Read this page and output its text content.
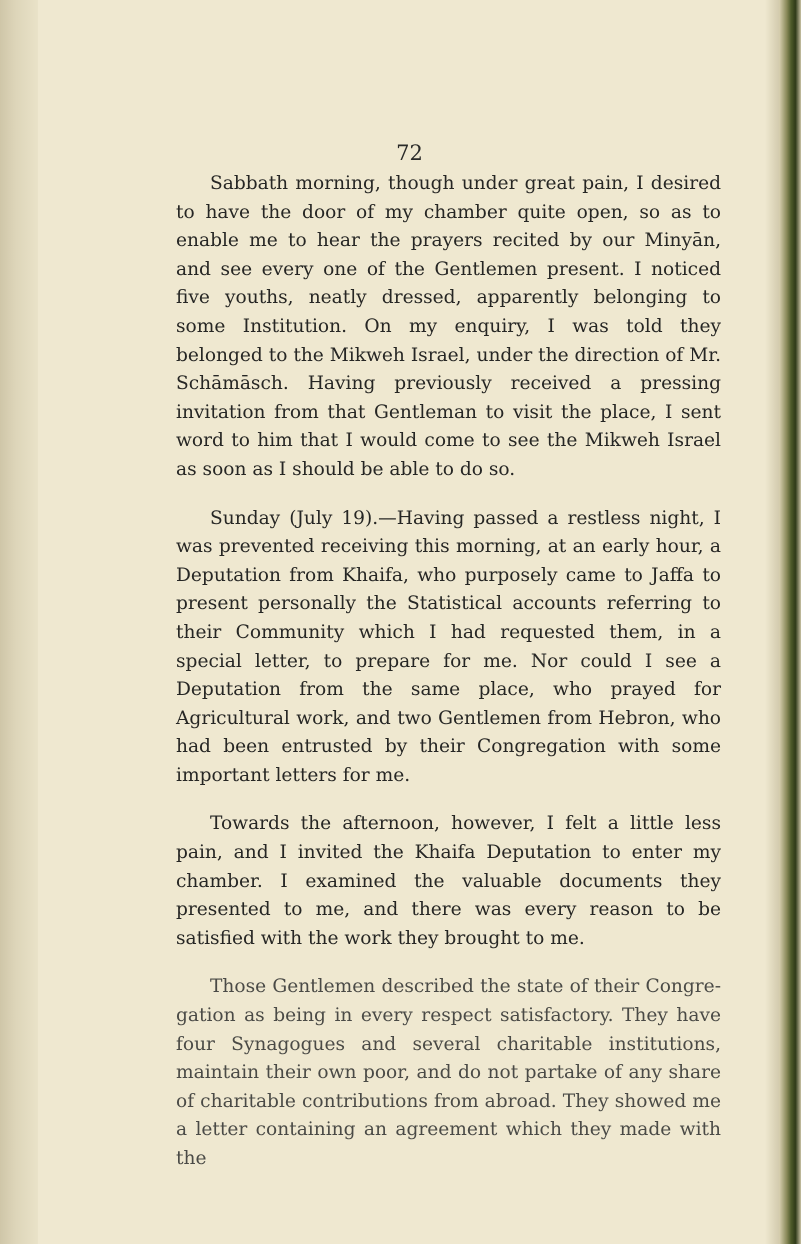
72

Sabbath morning, though under great pain, I desired to have the door of my chamber quite open, so as to enable me to hear the prayers recited by our Minyān, and see every one of the Gentlemen present. I noticed five youths, neatly dressed, apparently belonging to some Institution. On my enquiry, I was told they belonged to the Mikweh Israel, under the direction of Mr. Schāmāsch. Having previously received a pressing invitation from that Gentleman to visit the place, I sent word to him that I would come to see the Mikweh Israel as soon as I should be able to do so.

Sunday (July 19).—Having passed a restless night, I was prevented receiving this morning, at an early hour, a Deputation from Khaifa, who purposely came to Jaffa to present personally the Statistical accounts referring to their Community which I had requested them, in a special letter, to prepare for me. Nor could I see a Deputation from the same place, who prayed for Agricultural work, and two Gentlemen from Hebron, who had been entrusted by their Congregation with some important letters for me.

Towards the afternoon, however, I felt a little less pain, and I invited the Khaifa Deputation to enter my chamber. I examined the valuable documents they presented to me, and there was every reason to be satisfied with the work they brought to me.

Those Gentlemen described the state of their Congregation as being in every respect satisfactory. They have four Synagogues and several charitable institutions, maintain their own poor, and do not partake of any share of charitable contributions from abroad. They showed me a letter containing an agreement which they made with the
